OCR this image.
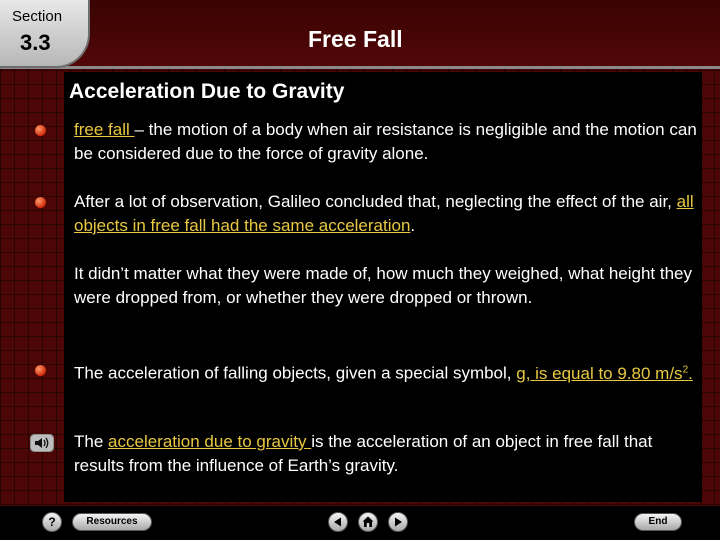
Section
3.3	Free Fall
Acceleration Due to Gravity
free fall – the motion of a body when air resistance is negligible and the motion can be considered due to the force of gravity alone.
After a lot of observation, Galileo concluded that, neglecting the effect of the air, all objects in free fall had the same acceleration.
It didn’t matter what they were made of, how much they weighed, what height they were dropped from, or whether they were dropped or thrown.
The acceleration of falling objects, given a special symbol, g, is equal to 9.80 $m/s^2$.
The acceleration due to gravity is the acceleration of an object in free fall that results from the influence of Earth’s gravity.
?	Resources	End
